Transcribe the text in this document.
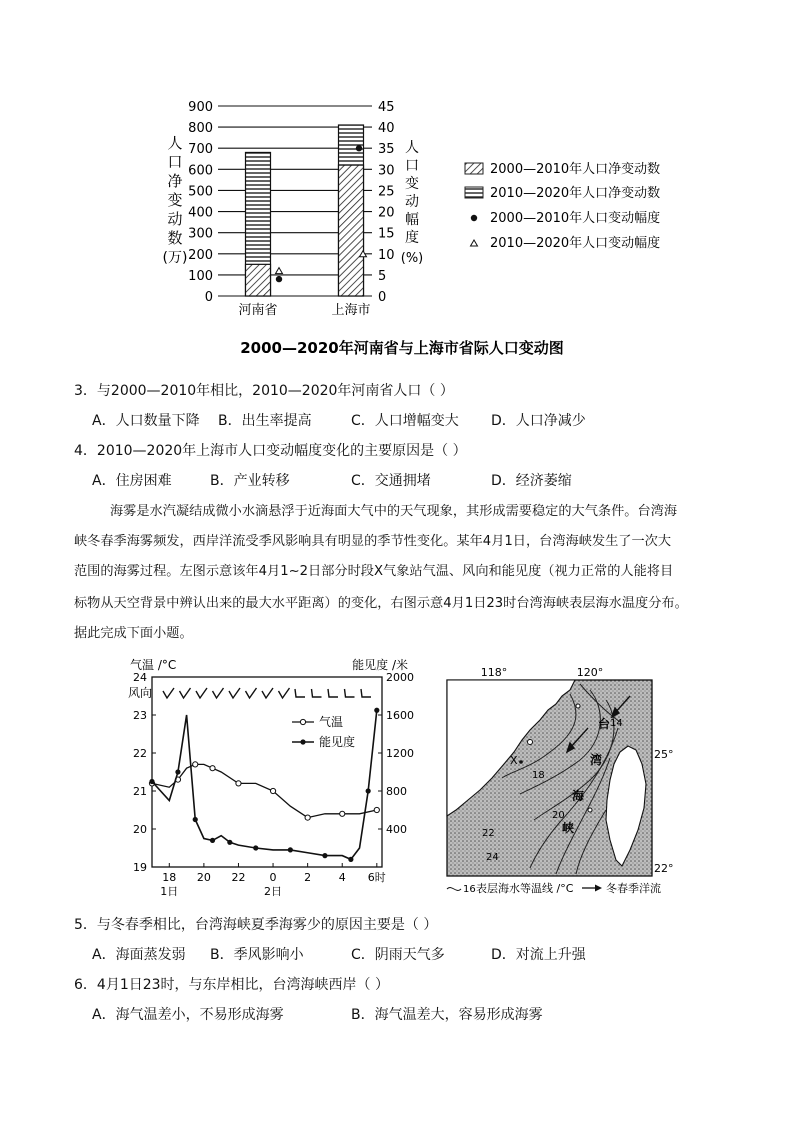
0
100
200
300
400
500
600
700
800
900
0
5
10
15
20
25
30
35
40
45
河南省	上海市
人
口
净
变
动
数
(万)
人
口
变
动
幅
度
(%)
2000—2010年人口净变动数
2010—2020年人口净变动数
2000—2010年人口变动幅度
2010—2020年人口变动幅度
2000—2020年河南省与上海市省际人口变动图
3．与2000—2010年相比，2010—2020年河南省人口（ ）
A．人口数量下降 B．出生率提高	C．人口增幅变大 D．人口净减少
4．2010—2020年上海市人口变动幅度变化的主要原因是（ ）
A．住房困难	B．产业转移	C．交通拥堵	D．经济萎缩
海雾是水汽凝结成微小水滴悬浮于近海面大气中的天气现象，其形成需要稳定的大气条件。台湾海
峡冬春季海雾频发，西岸洋流受季风影响具有明显的季节性变化。某年4月1日，台湾海峡发生了一次大
范围的海雾过程。左图示意该年4月1~2日部分时段X气象站气温、风向和能见度（视力正常的人能将目
标物从天空背景中辨认出来的最大水平距离）的变化，右图示意4月1日23时台湾海峡表层海水温度分布。
据此完成下面小题。
气温 /°C	能见度 /米
风向
19
20
21
22
23
24
400
800
1200
1600
2000
18 20 22 0	2	4 6时
1日	2日
气温
能见度
118°	120°
25°
22°
X
14
18
20
22
24
台
湾
海
峡
16 表层海水等温线 /°C	冬春季洋流
5．与冬春季相比，台湾海峡夏季海雾少的原因主要是（ ）
A．海面蒸发弱 B．季风影响小	C．阴雨天气多	D．对流上升强
6．4月1日23时，与东岸相比，台湾海峡西岸（ ）
A．海气温差小，不易形成海雾	B．海气温差大，容易形成海雾
